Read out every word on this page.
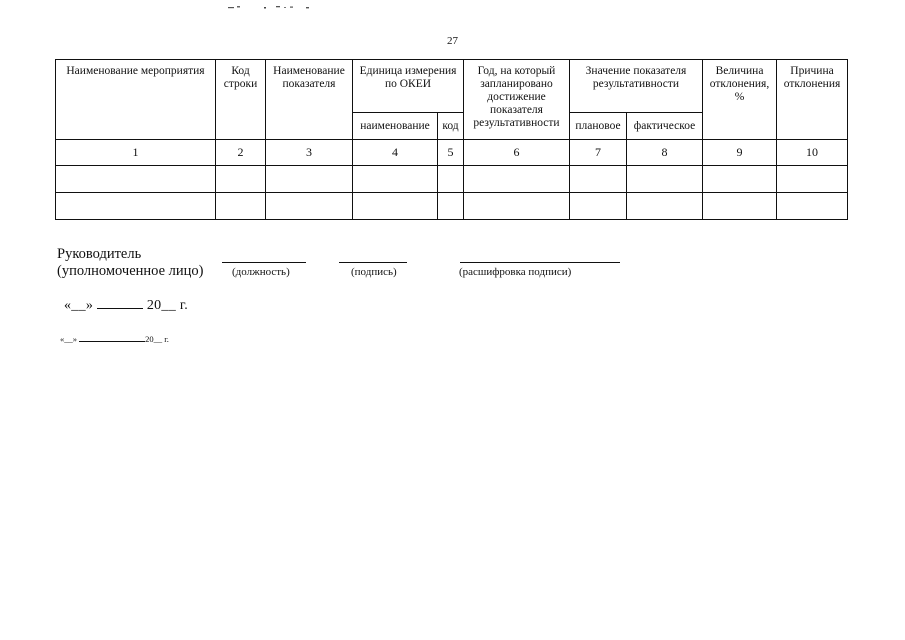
27
Наименование мероприятия	Код строки	Наименование показателя	Единица измерения по ОКЕИ		Год, на который запланировано достижение показателя результативности	Значение показателя результативности		Величина отклонения, %	Причина отклонения
			наименование	код		плановое	фактическое		
1	2	3	4	5	6	7	8	9	10

Руководитель
(уполномоченное лицо)	(должность)	(подпись)	(расшифровка подписи)
«__»	20__ г.
«__»	20__ г.
